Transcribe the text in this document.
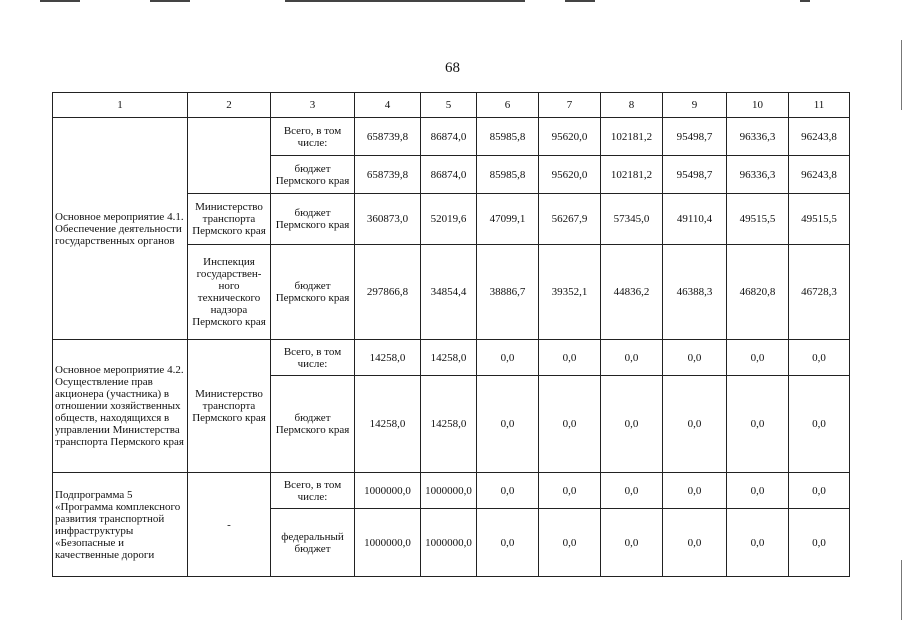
68
1	2	3	4	5	6	7	8	9	10	11
Основное мероприятие 4.1. Обеспечение деятельности государственных органов		Всего, в том числе:	658739,8	86874,0	85985,8	95620,0	102181,2	95498,7	96336,3	96243,8
		бюджет Пермского края	658739,8	86874,0	85985,8	95620,0	102181,2	95498,7	96336,3	96243,8
	Министерство транспорта Пермского края	бюджет Пермского края	360873,0	52019,6	47099,1	56267,9	57345,0	49110,4	49515,5	49515,5
	Инспекция государствен-ного технического надзора Пермского края	бюджет Пермского края	297866,8	34854,4	38886,7	39352,1	44836,2	46388,3	46820,8	46728,3
Основное мероприятие 4.2. Осуществление прав акционера (участника) в отношении хозяйственных обществ, находящихся в управлении Министерства транспорта Пермского края	Министерство транспорта Пермского края	Всего, в том числе:	14258,0	14258,0	0,0	0,0	0,0	0,0	0,0	0,0
		бюджет Пермского края	14258,0	14258,0	0,0	0,0	0,0	0,0	0,0	0,0
Подпрограмма 5 «Программа комплексного развития транспортной инфраструктуры «Безопасные и качественные дороги	-	Всего, в том числе:	1000000,0	1000000,0	0,0	0,0	0,0	0,0	0,0	0,0
		федеральный бюджет	1000000,0	1000000,0	0,0	0,0	0,0	0,0	0,0	0,0
